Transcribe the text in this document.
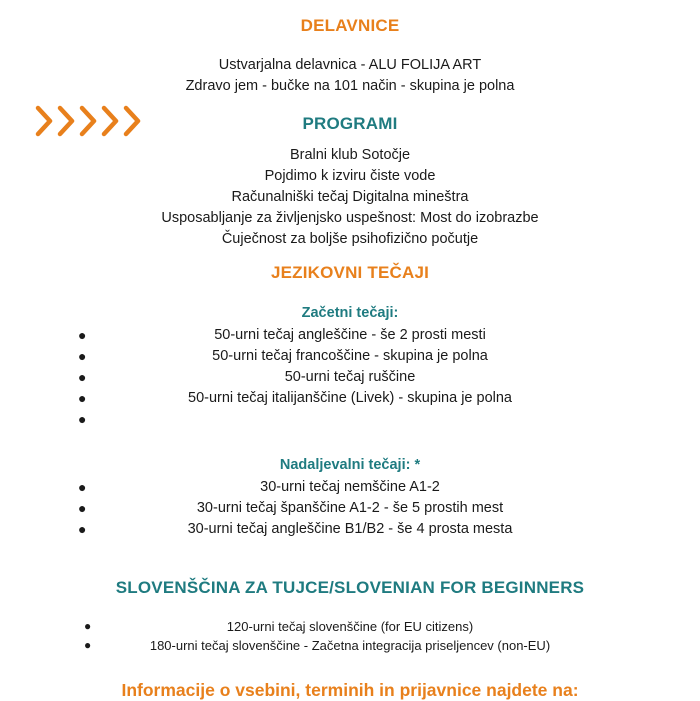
DELAVNICE
Ustvarjalna delavnica - ALU FOLIJA ART
Zdravo jem - bučke na 101 način - skupina je polna
PROGRAMI
Bralni klub Sotočje
Pojdimo k izviru čiste vode
Računalniški tečaj Digitalna mineštra
Usposabljanje za življenjsko uspešnost: Most do izobrazbe
Čuječnost za boljše psihofizično počutje
JEZIKOVNI TEČAJI
Začetni tečaji:
●	50-urni tečaj angleščine - še 2 prosti mesti
●	50-urni tečaj francoščine - skupina je polna
●	50-urni tečaj ruščine
●	50-urni tečaj italijanščine (Livek) - skupina je polna
●
Nadaljevalni tečaji: *
●	30-urni tečaj nemščine A1-2
●	30-urni tečaj španščine A1-2 - še 5 prostih mest
●	30-urni tečaj angleščine B1/B2 - še 4 prosta mesta
SLOVENŠČINA ZA TUJCE/SLOVENIAN FOR BEGINNERS
●	120-urni tečaj slovenščine (for EU citizens)
●	180-urni tečaj slovenščine - Začetna integracija priseljencev (non-EU)
Informacije o vsebini, terminih in prijavnice najdete na:
